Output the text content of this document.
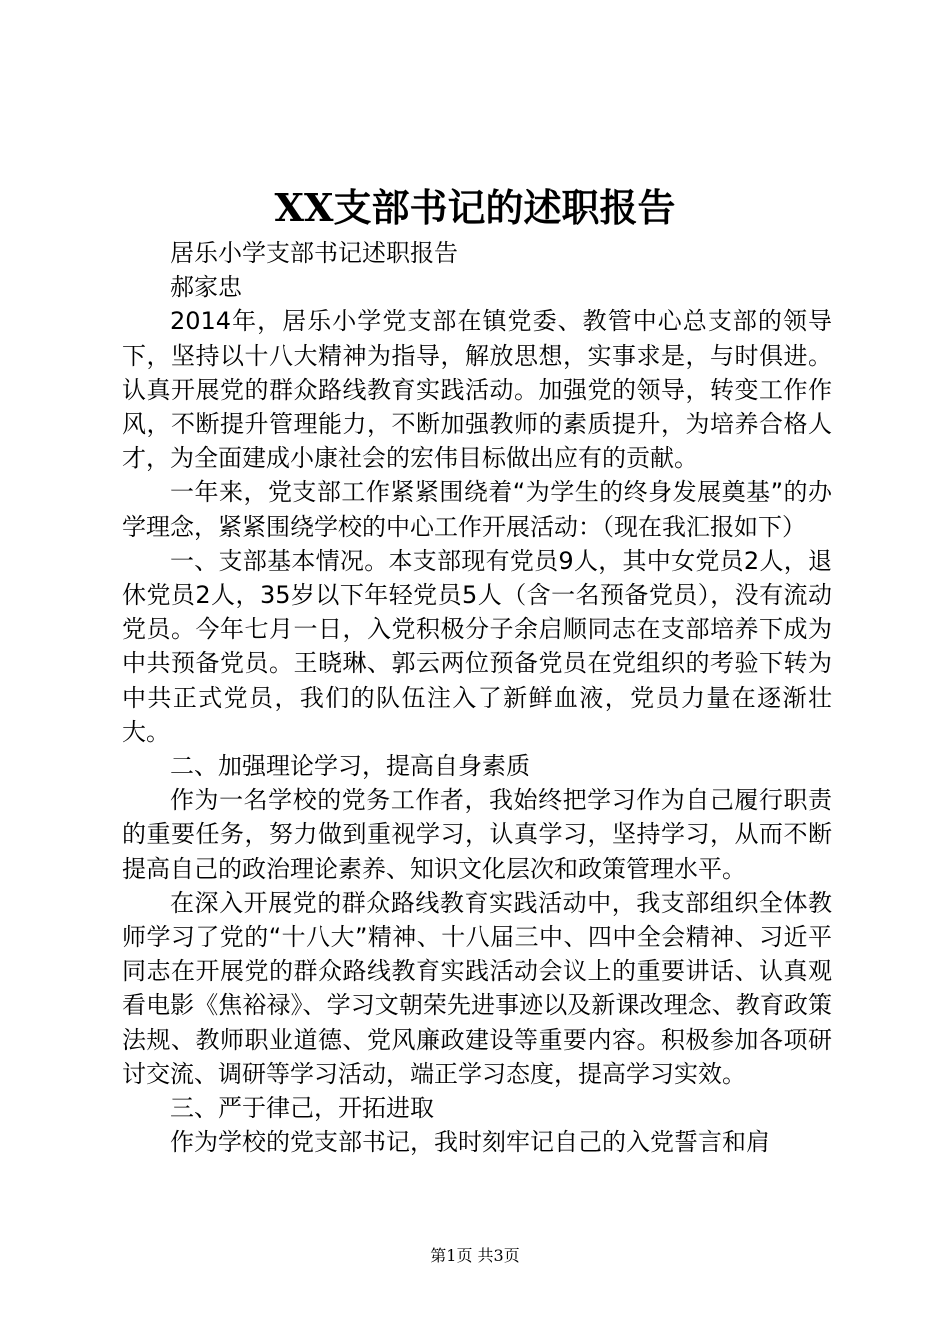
XX支部书记的述职报告

居乐小学支部书记述职报告

郝家忠

2014年，居乐小学党支部在镇党委、教管中心总支部的领导下，坚持以十八大精神为指导，解放思想，实事求是，与时俱进。认真开展党的群众路线教育实践活动。加强党的领导，转变工作作风，不断提升管理能力，不断加强教师的素质提升，为培养合格人才，为全面建成小康社会的宏伟目标做出应有的贡献。

一年来，党支部工作紧紧围绕着“为学生的终身发展奠基”的办学理念，紧紧围绕学校的中心工作开展活动：（现在我汇报如下）

一、支部基本情况。本支部现有党员9人，其中女党员2人，退休党员2人，35岁以下年轻党员5人（含一名预备党员），没有流动党员。今年七月一日，入党积极分子余启顺同志在支部培养下成为中共预备党员。王晓琳、郭云两位预备党员在党组织的考验下转为中共正式党员，我们的队伍注入了新鲜血液，党员力量在逐渐壮大。

二、加强理论学习，提高自身素质

作为一名学校的党务工作者，我始终把学习作为自己履行职责的重要任务，努力做到重视学习，认真学习，坚持学习，从而不断提高自己的政治理论素养、知识文化层次和政策管理水平。

在深入开展党的群众路线教育实践活动中，我支部组织全体教师学习了党的“十八大”精神、十八届三中、四中全会精神、习近平同志在开展党的群众路线教育实践活动会议上的重要讲话、认真观看电影《焦裕禄》、学习文朝荣先进事迹以及新课改理念、教育政策法规、教师职业道德、党风廉政建设等重要内容。积极参加各项研讨交流、调研等学习活动，端正学习态度，提高学习实效。

三、严于律己，开拓进取

作为学校的党支部书记，我时刻牢记自己的入党誓言和肩

第1页 共3页
